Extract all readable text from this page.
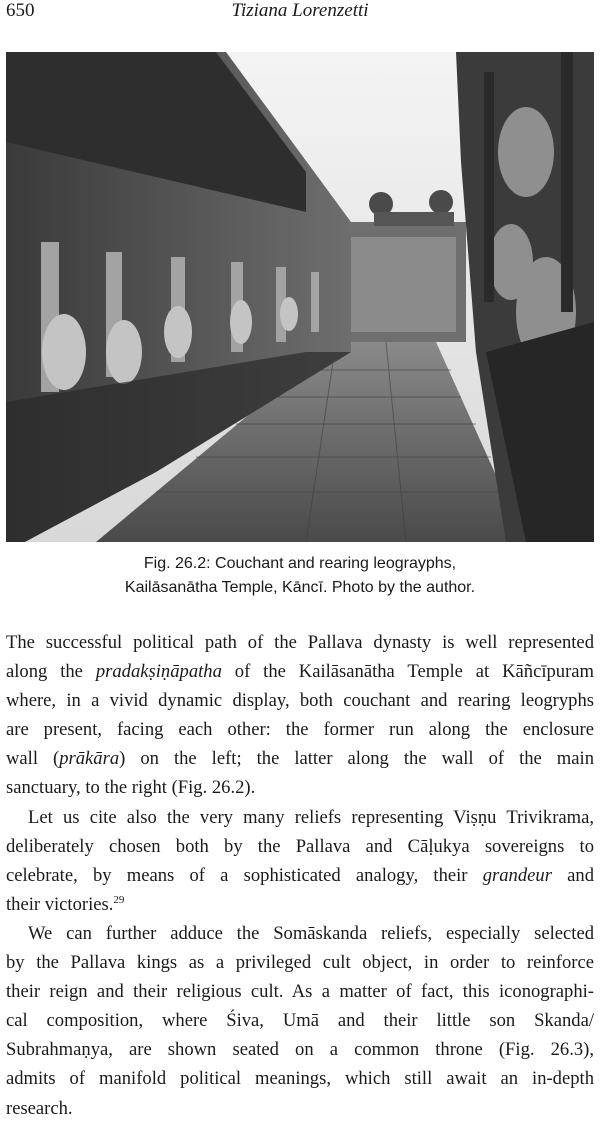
650	Tiziana Lorenzetti
Fig. 26.2: Couchant and rearing leograyphs,
Kailāsanātha Temple, Kāncī. Photo by the author.
The successful political path of the Pallava dynasty is well represented
along the pradakṣiṇāpatha of the Kailāsanātha Temple at Kāñcīpuram
where, in a vivid dynamic display, both couchant and rearing leogryphs
are present, facing each other: the former run along the enclosure
wall (prākāra) on the left; the latter along the wall of the main
sanctuary, to the right (Fig. 26.2).
Let us cite also the very many reliefs representing Viṣṇu Trivikrama,
deliberately chosen both by the Pallava and Cāḷukya sovereigns to
celebrate, by means of a sophisticated analogy, their grandeur and
their victories.$^{29}$
We can further adduce the Somāskanda reliefs, especially selected
by the Pallava kings as a privileged cult object, in order to reinforce
their reign and their religious cult. As a matter of fact, this iconographi-
cal composition, where Śiva, Umā and their little son Skanda/
Subrahmaṇya, are shown seated on a common throne (Fig. 26.3),
admits of manifold political meanings, which still await an in-depth
research.
